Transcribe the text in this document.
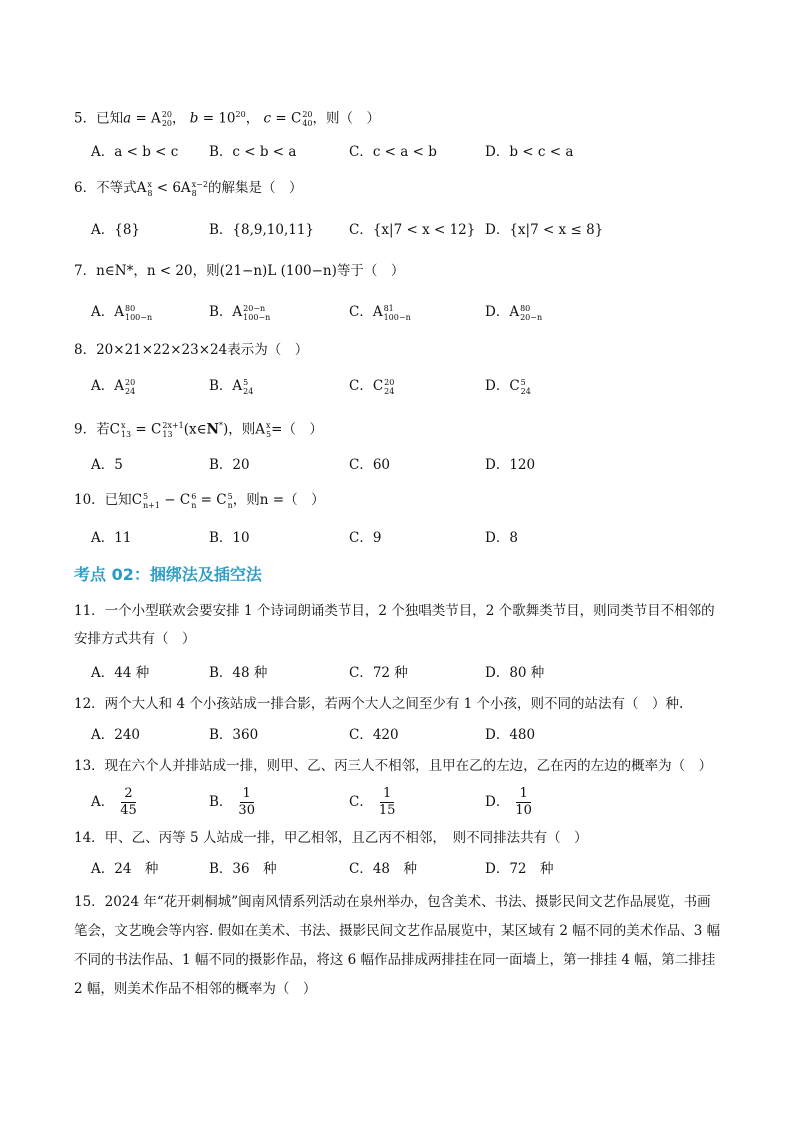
5．已知a = A 20
20 ， $b = 10^{20}$， c = C 20
40 ，则（　）
A．a < b < c B．c < b < a	C．c < a < b	D．b < c < a
6．不等式A x
8 < 6A x−2
8 的解集是（　）
A．{8}	B．{8,9,10,11}	C．{x|7 < x < 12} D．{x|7 < x ≤ 8}
7．n∈N*，n < 20，则(21−n)L (100−n)等于（　）
A．A 80
100−n	B．A 20−n
100−n	C．A 81
100−n	D．A 80
20−n
8．20×21×22×23×24表示为（　）
A．A 20
24	B．A 5
24	C．C 20
24	D．C 5
24
9．若C x
13 = C 2x+1
13 (x∈N*)，则A x
5 =（　）
A．5	B．20	C．60	D．120
10．已知C 5
n+1 − C 6
n = C 5
n ，则n =（　）
A．11	B．10	C．9	D．8
考点 02：捆绑法及插空法
11．一个小型联欢会要安排 1 个诗词朗诵类节目，2 个独唱类节目，2 个歌舞类节目，则同类节目不相邻的安排方式共有（　）
A．44 种	B．48 种	C．72 种	D．80 种
12．两个大人和 4 个小孩站成一排合影，若两个大人之间至少有 1 个小孩，则不同的站法有（　）种.
A．240	B．360	C．420	D．480
13．现在六个人并排站成一排，则甲、乙、丙三人不相邻，且甲在乙的左边，乙在丙的左边的概率为（　）
A． $\frac{2}{45}$	B． $\frac{1}{30}$	C． $\frac{1}{15}$	D． $\frac{1}{10}$
14．甲、乙、丙等 5 人站成一排，甲乙相邻，且乙丙不相邻，　则不同排法共有（　）
A．24　种	B．36　种	C．48　种	D．72　种
15．2024 年“花开刺桐城”闽南风情系列活动在泉州举办，包含美术、书法、摄影民间文艺作品展览，书画笔会，文艺晚会等内容. 假如在美术、书法、摄影民间文艺作品展览中，某区域有 2 幅不同的美术作品、3 幅不同的书法作品、1 幅不同的摄影作品，将这 6 幅作品排成两排挂在同一面墙上，第一排挂 4 幅，第二排挂 2 幅，则美术作品不相邻的概率为（　）
